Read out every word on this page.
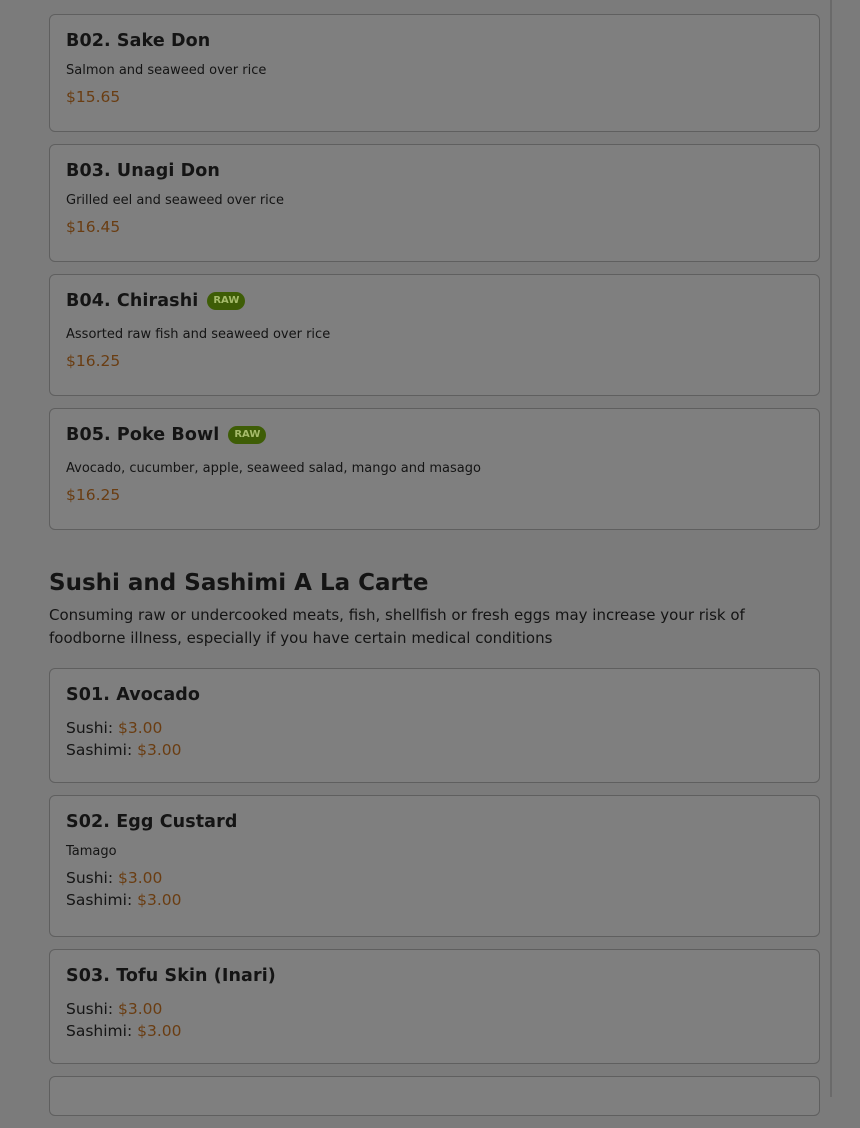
B02. Sake Don
Salmon and seaweed over rice
$15.65
B03. Unagi Don
Grilled eel and seaweed over rice
$16.45
B04. Chirashi	RAW
Assorted raw fish and seaweed over rice
$16.25
B05. Poke Bowl	RAW
Avocado, cucumber, apple, seaweed salad, mango and masago
$16.25
Sushi and Sashimi A La Carte
Consuming raw or undercooked meats, fish, shellfish or fresh eggs may increase your risk of foodborne illness, especially if you have certain medical conditions
S01. Avocado
Sushi: $3.00
Sashimi: $3.00
S02. Egg Custard
Tamago
Sushi: $3.00
Sashimi: $3.00
S03. Tofu Skin (Inari)
Sushi: $3.00
Sashimi: $3.00
